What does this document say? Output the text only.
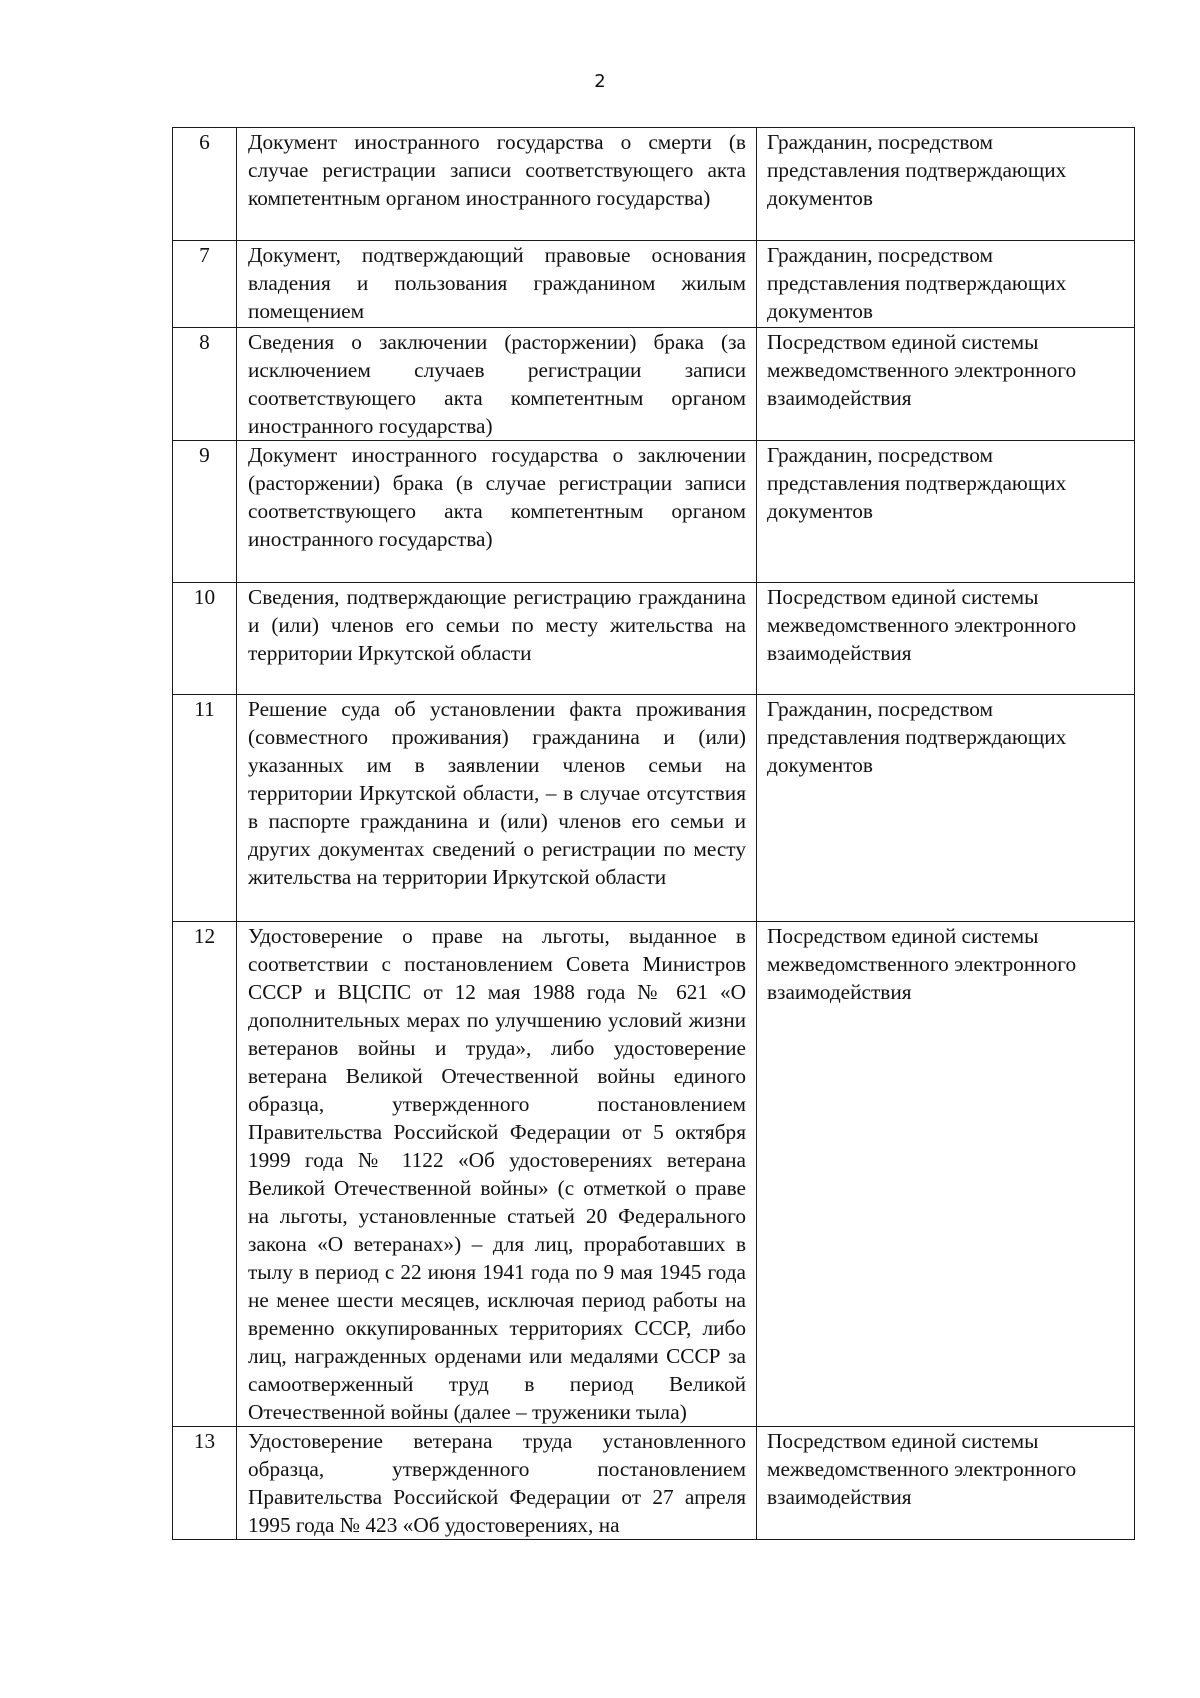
2
6	Документ иностранного государства о смерти (в случае регистрации записи соответствующего акта компетентным органом иностранного государства)	Гражданин, посредством представления подтверждающих документов
7	Документ, подтверждающий правовые основания владения и пользования гражданином жилым помещением	Гражданин, посредством представления подтверждающих документов
8	Сведения о заключении (расторжении) брака (за исключением случаев регистрации записи соответствующего акта компетентным органом иностранного государства)	Посредством единой системы межведомственного электронного взаимодействия
9	Документ иностранного государства о заключении (расторжении) брака (в случае регистрации записи соответствующего акта компетентным органом иностранного государства)	Гражданин, посредством представления подтверждающих документов
10	Сведения, подтверждающие регистрацию гражданина и (или) членов его семьи по месту жительства на территории Иркутской области	Посредством единой системы межведомственного электронного взаимодействия
11	Решение суда об установлении факта проживания (совместного проживания) гражданина и (или) указанных им в заявлении членов семьи на территории Иркутской области, – в случае отсутствия в паспорте гражданина и (или) членов его семьи и других документах сведений о регистрации по месту жительства на территории Иркутской области	Гражданин, посредством представления подтверждающих документов
12	Удостоверение о праве на льготы, выданное в соответствии с постановлением Совета Министров СССР и ВЦСПС от 12 мая 1988 года № 621 «О дополнительных мерах по улучшению условий жизни ветеранов войны и труда», либо удостоверение ветерана Великой Отечественной войны единого образца, утвержденного постановлением Правительства Российской Федерации от 5 октября 1999 года № 1122 «Об удостоверениях ветерана Великой Отечественной войны» (с отметкой о праве на льготы, установленные статьей 20 Федерального закона «О ветеранах») – для лиц, проработавших в тылу в период с 22 июня 1941 года по 9 мая 1945 года не менее шести месяцев, исключая период работы на временно оккупированных территориях СССР, либо лиц, награжденных орденами или медалями СССР за самоотверженный труд в период Великой Отечественной войны (далее – труженики тыла)	Посредством единой системы межведомственного электронного взаимодействия
13	Удостоверение ветерана труда установленного образца, утвержденного постановлением Правительства Российской Федерации от 27 апреля 1995 года № 423 «Об удостоверениях, на	Посредством единой системы межведомственного электронного взаимодействия
